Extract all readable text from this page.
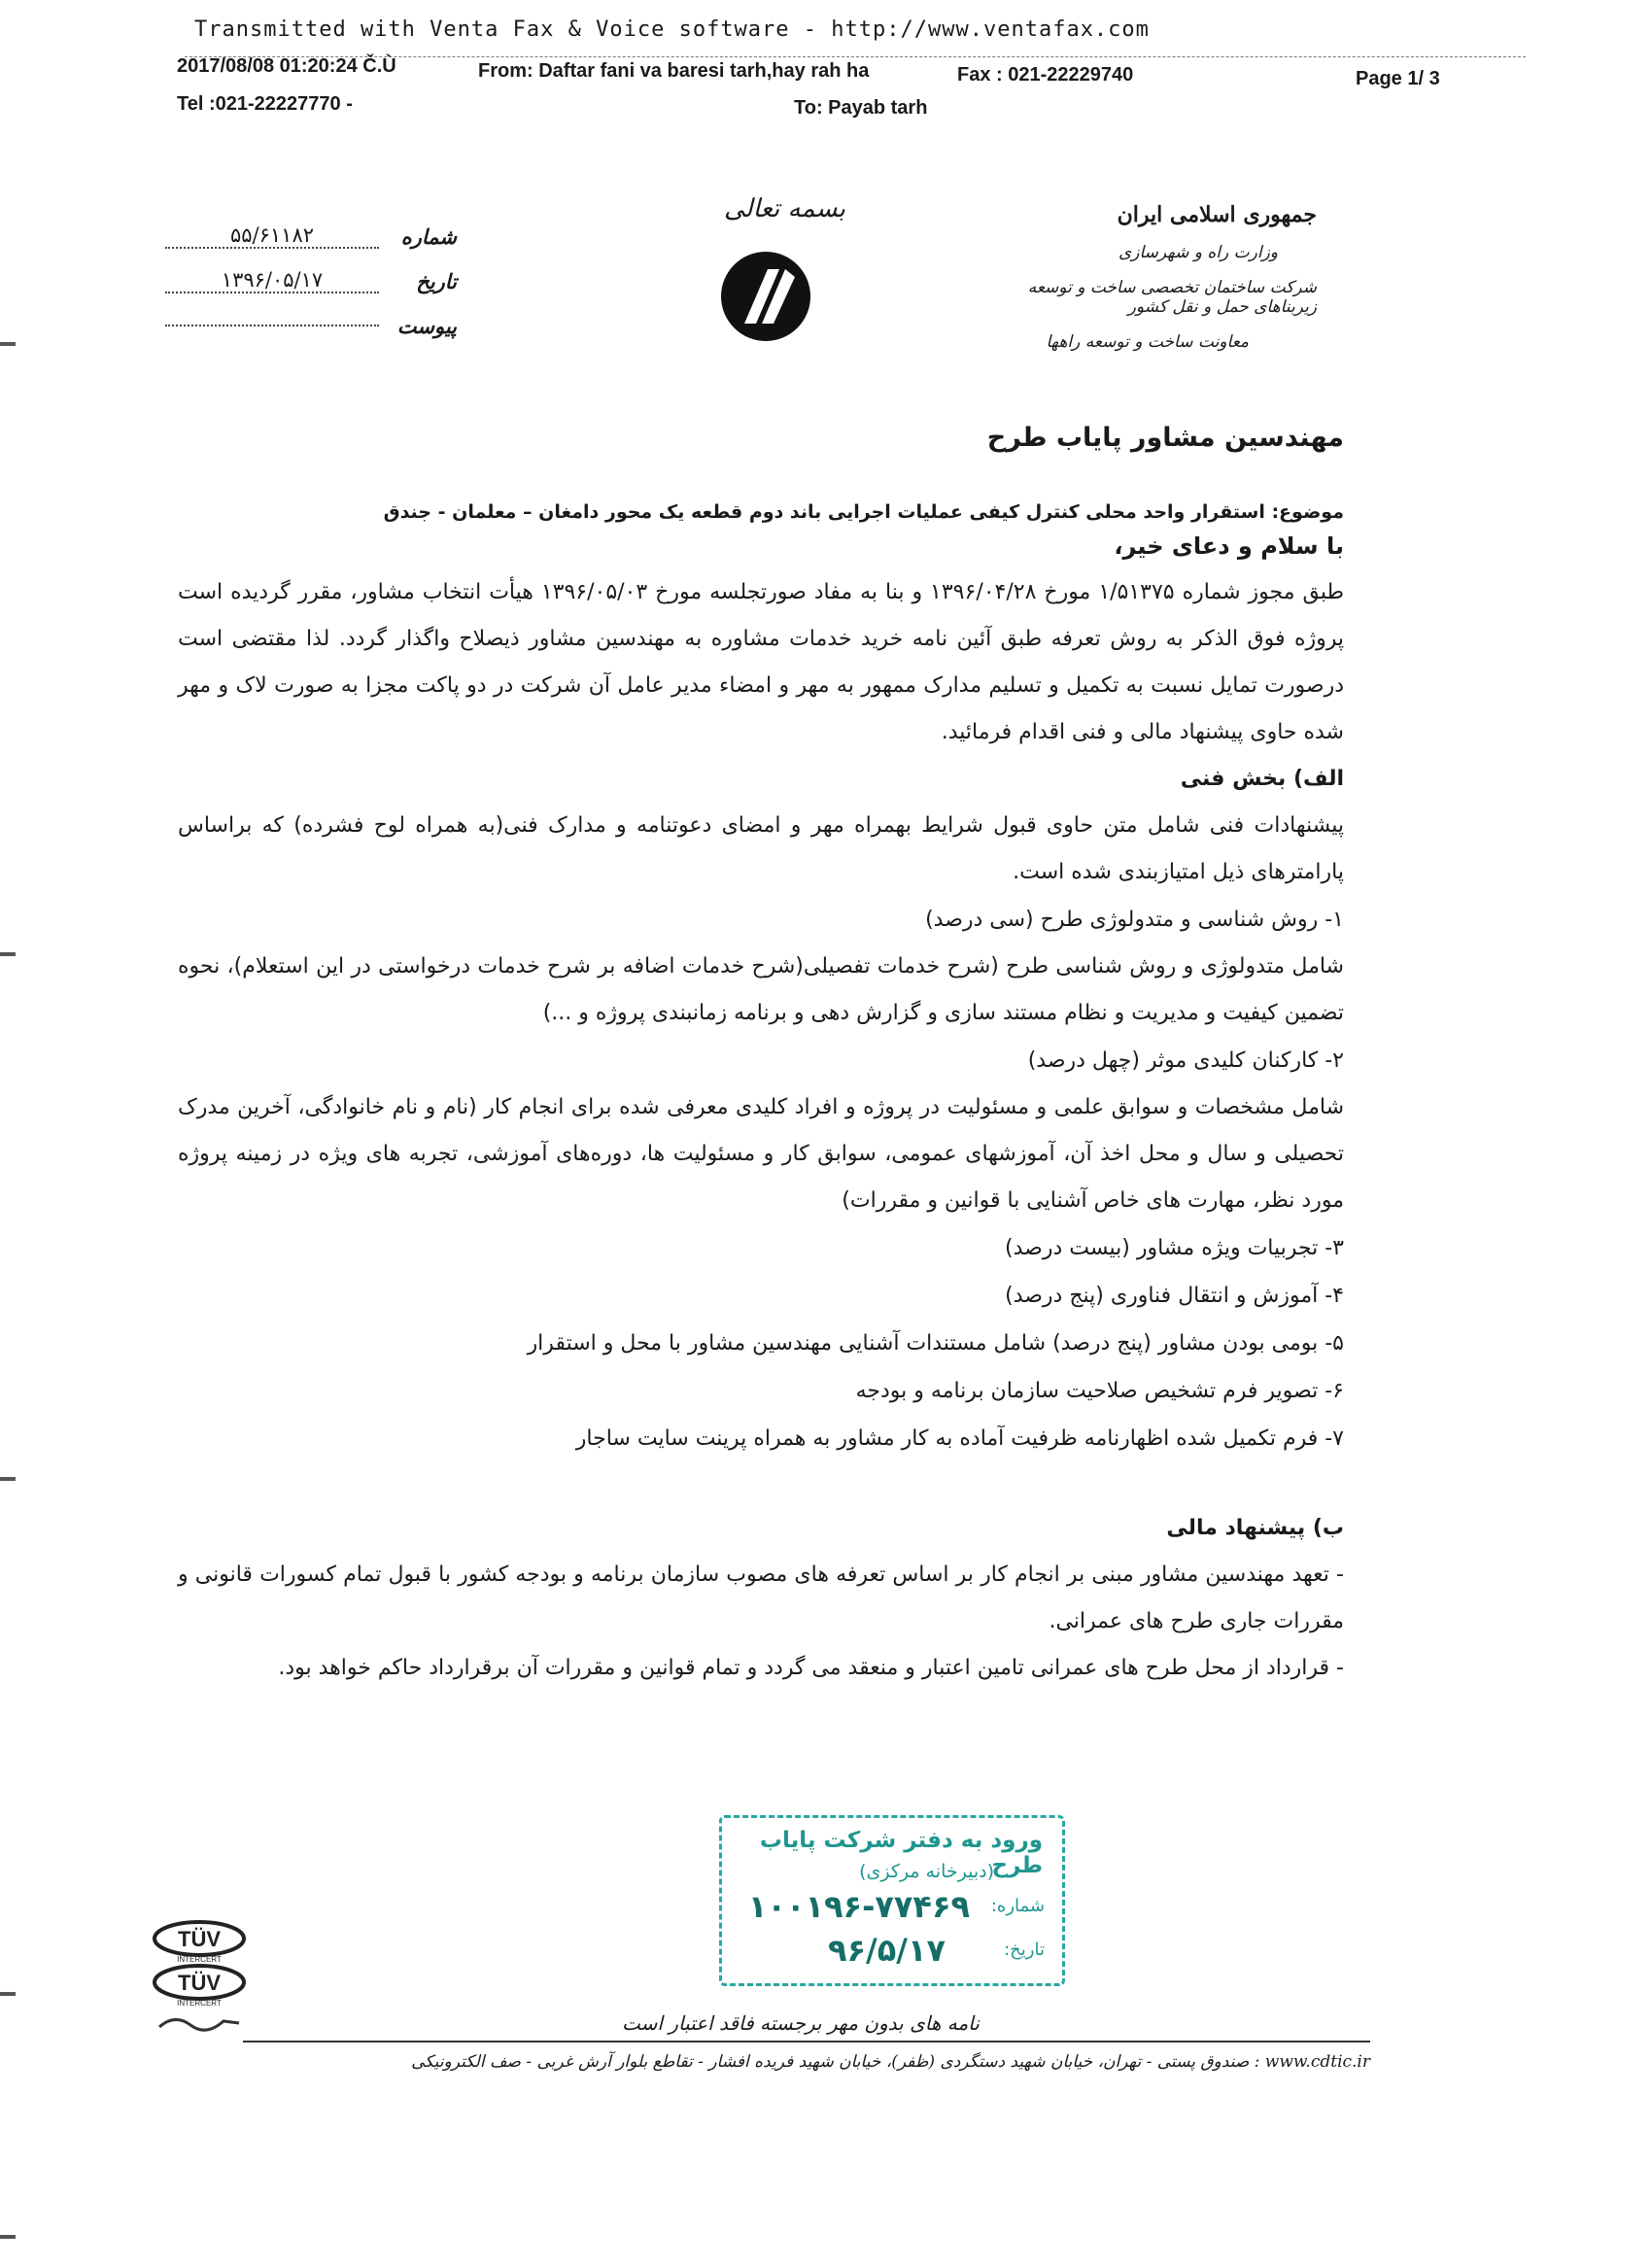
Transmitted with Venta Fax & Voice software - http://www.ventafax.com
2017/08/08 01:20:24 Č.Ù	From: Daftar fani va baresi tarh,hay rah ha	Fax : 021-22229740	Page 1/ 3
Tel :021-22227770 -	To: Payab tarh
بسمه تعالی	جمهوری اسلامی ایران
وزارت راه و شهرسازی
شرکت ساختمان تخصصی ساخت و توسعه زیربناهای حمل و نقل کشور
معاونت ساخت و توسعه راهها
شماره
۵۵/۶۱۱۸۲
تاریخ
۱۳۹۶/۰۵/۱۷
پیوست
مهندسین مشاور پایاب طرح
موضوع: استقرار واحد محلی کنترل کیفی عملیات اجرایی باند دوم قطعه یک محور دامغان – معلمان - جندق
با سلام و دعای خیر،
طبق مجوز شماره ۱/۵۱۳۷۵ مورخ ۱۳۹۶/۰۴/۲۸ و بنا به مفاد صورتجلسه مورخ ۱۳۹۶/۰۵/۰۳ هیأت انتخاب مشاور، مقرر گردیده است پروژه فوق الذکر به روش تعرفه طبق آئین نامه خرید خدمات مشاوره به مهندسین مشاور ذیصلاح واگذار گردد. لذا مقتضی است درصورت تمایل نسبت به تکمیل و تسلیم مدارک ممهور به مهر و امضاء مدیر عامل آن شرکت در دو پاکت مجزا به صورت لاک و مهر شده حاوی پیشنهاد مالی و فنی اقدام فرمائید.
الف) بخش فنی
پیشنهادات فنی شامل متن حاوی قبول شرایط بهمراه مهر و امضای دعوتنامه و مدارک فنی(به همراه لوح فشرده) که براساس پارامترهای ذیل امتیازبندی شده است.
۱- روش شناسی و متدولوژی طرح (سی درصد)
شامل متدولوژی و روش شناسی طرح (شرح خدمات تفصیلی(شرح خدمات اضافه بر شرح خدمات درخواستی در این استعلام)، نحوه تضمین کیفیت و مدیریت و نظام مستند سازی و گزارش دهی و برنامه زمانبندی پروژه و ...)
۲- کارکنان کلیدی موثر (چهل درصد)
شامل مشخصات و سوابق علمی و مسئولیت در پروژه و افراد کلیدی معرفی شده برای انجام کار (نام و نام خانوادگی، آخرین مدرک تحصیلی و سال و محل اخذ آن، آموزشهای عمومی، سوابق کار و مسئولیت ها، دوره‌های آموزشی، تجربه های ویژه در زمینه پروژه مورد نظر، مهارت های خاص آشنایی با قوانین و مقررات)
۳- تجربیات ویژه مشاور (بیست درصد)
۴- آموزش و انتقال فناوری (پنج درصد)
۵- بومی بودن مشاور (پنج درصد) شامل مستندات آشنایی مهندسین مشاور با محل و استقرار
۶- تصویر فرم تشخیص صلاحیت سازمان برنامه و بودجه
۷- فرم تکمیل شده اظهارنامه ظرفیت آماده به کار مشاور به همراه پرینت سایت ساجار
ب) پیشنهاد مالی
- تعهد مهندسین مشاور مبنی بر انجام کار بر اساس تعرفه های مصوب سازمان برنامه و بودجه کشور با قبول تمام کسورات قانونی و مقررات جاری طرح های عمرانی.
- قرارداد از محل طرح های عمرانی تامین اعتبار و منعقد می گردد و تمام قوانین و مقررات آن برقرارداد حاکم خواهد بود.
ورود به دفتر شرکت پایاب طرح
(دبیرخانه مرکزی)
شماره:
۱۰۰۱۹۶-۷۷۴۶۹
تاریخ:
۹۶/۵/۱۷
TÜV
INTERCERT
TÜV
INTERCERT
نامه های بدون مهر برجسته فاقد اعتبار است
www.cdtic.ir : صندوق پستی - تهران، خیابان شهید دستگردی (ظفر)، خیابان شهید فریده افشار - تقاطع بلوار آرش غربی - صف الکترونیکی
